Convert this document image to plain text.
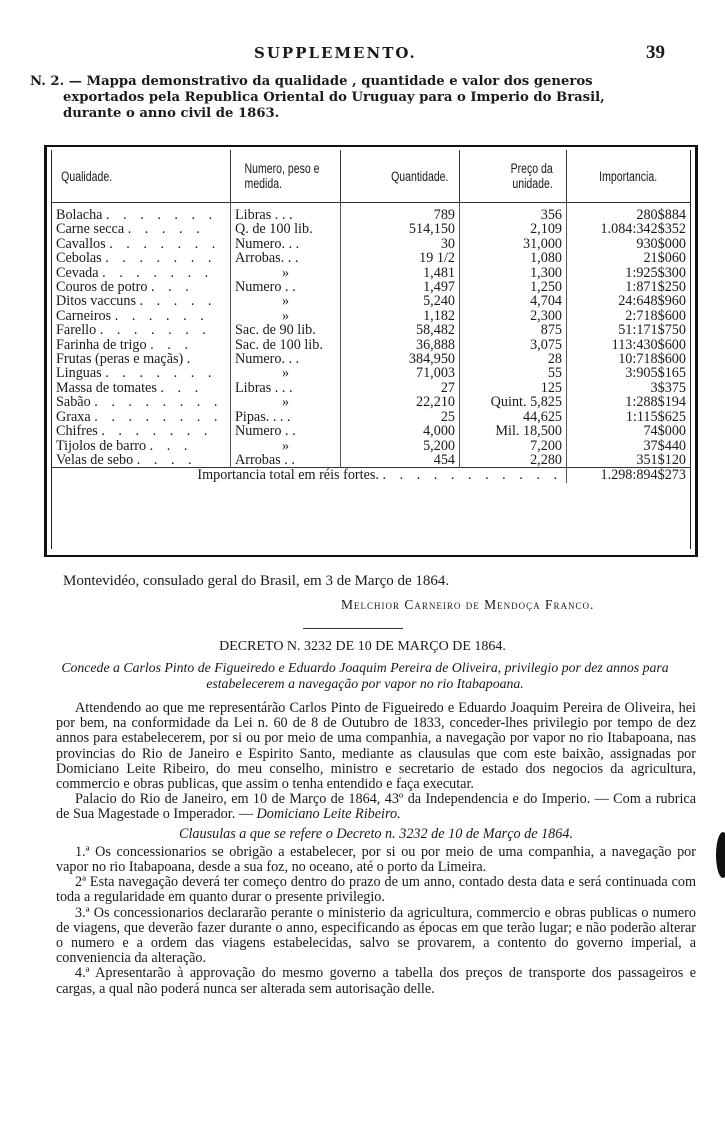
SUPPLEMENTO.	39
N. 2. — Mappa demonstrativo da qualidade , quantidade e valor dos generos
exportados pela Republica Oriental do Uruguay para o Imperio do Brasil,
durante o anno civil de 1863.
Qualidade.	Numero, peso e medida.	Quantidade.	Preço da unidade.	Importancia.
Bolacha . . . . . . .	Libras . . .	789	356	280$884
Carne secca . . . . .	Q. de 100 lib.	514,150	2,109	1.084:342$352
Cavallos . . . . . . .	Numero. . .	30	31,000	930$000
Cebolas . . . . . . .	Arrobas. . .	19 1/2	1,080	21$060
Cevada . . . . . . .	»	1,481	1,300	1:925$300
Couros de potro . . .	Numero . .	1,497	1,250	1:871$250
Ditos vaccuns . . . . .	»	5,240	4,704	24:648$960
Carneiros . . . . . .	»	1,182	2,300	2:718$600
Farello . . . . . . .	Sac. de 90 lib.	58,482	875	51:171$750
Farinha de trigo . . .	Sac. de 100 lib.	36,888	3,075	113:430$600
Frutas (peras e maçãs) .	Numero. . .	384,950	28	10:718$600
Linguas . . . . . . .	»	71,003	55	3:905$165
Massa de tomates . . .	Libras . . .	27	125	3$375
Sabão . . . . . . . .	»	22,210	Quint. 5,825	1:288$194
Graxa . . . . . . . .	Pipas. . . .	25	44,625	1:115$625
Chifres . . . . . . .	Numero . .	4,000	Mil. 18,500	74$000
Tijolos de barro . . .	»	5,200	7,200	37$440
Velas de sebo . . . .	Arrobas . .	454	2,280	351$120
Importancia total em réis fortes. . . . . . . . . . . .				1.298:894$273
Montevidéo, consulado geral do Brasil, em 3 de Março de 1864.
Melchior Carneiro de Mendoça Franco.
DECRETO N. 3232 DE 10 DE MARÇO DE 1864.
Concede a Carlos Pinto de Figueiredo e Eduardo Joaquim Pereira de Oliveira, privilegio por dez annos para estabelecerem a navegação por vapor no rio Itabapoana.

Attendendo ao que me representárão Carlos Pinto de Figueiredo e Eduardo Joaquim Pereira de Oliveira, hei por bem, na conformidade da Lei n. 60 de 8 de Outubro de 1833, conceder-lhes privilegio por tempo de dez annos para estabelecerem, por si ou por meio de uma companhia, a navegação por vapor no rio Itabapoana, nas provincias do Rio de Janeiro e Espirito Santo, mediante as clausulas que com este baixão, assignadas por Domiciano Leite Ribeiro, do meu conselho, ministro e secretario de estado dos negocios da agricultura, commercio e obras publicas, que assim o tenha entendido e faça executar.

Palacio do Rio de Janeiro, em 10 de Março de 1864, 43º da Independencia e do Imperio. — Com a rubrica de Sua Magestade o Imperador. — Domiciano Leite Ribeiro.

Clausulas a que se refere o Decreto n. 3232 de 10 de Março de 1864.

1.ª Os concessionarios se obrigão a estabelecer, por si ou por meio de uma companhia, a navegação por vapor no rio Itabapoana, desde a sua foz, no oceano, até o porto da Limeira.

2ª Esta navegação deverá ter começo dentro do prazo de um anno, contado desta data e será continuada com toda a regularidade em quanto durar o presente privilegio.

3.ª Os concessionarios declararão perante o ministerio da agricultura, commercio e obras publicas o numero de viagens, que deverão fazer durante o anno, especificando as épocas em que terão lugar; e não poderão alterar o numero e a ordem das viagens estabelecidas, salvo se provarem, a contento do governo imperial, a conveniencia da alteração.

4.ª Apresentarão à approvação do mesmo governo a tabella dos preços de transporte dos passageiros e cargas, a qual não poderá nunca ser alterada sem autorisação delle.
